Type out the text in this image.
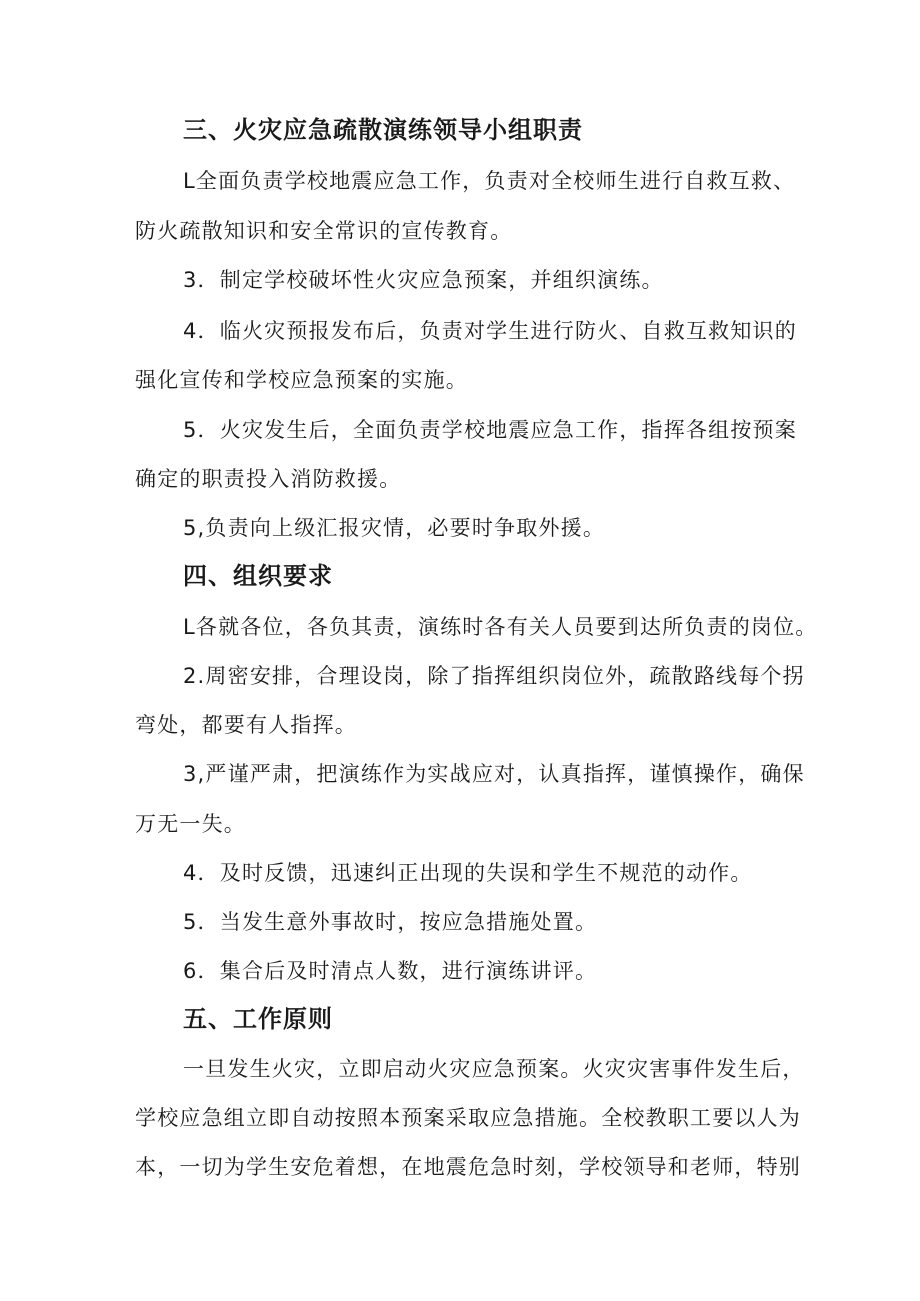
三、火灾应急疏散演练领导小组职责

L全面负责学校地震应急工作，负责对全校师生进行自救互救、

防火疏散知识和安全常识的宣传教育。

3．制定学校破坏性火灾应急预案，并组织演练。

4．临火灾预报发布后，负责对学生进行防火、自救互救知识的

强化宣传和学校应急预案的实施。

5．火灾发生后，全面负责学校地震应急工作，指挥各组按预案

确定的职责投入消防救援。

5,负责向上级汇报灾情，必要时争取外援。

四、组织要求

L各就各位，各负其责，演练时各有关人员要到达所负责的岗位。

2.周密安排，合理设岗，除了指挥组织岗位外，疏散路线每个拐

弯处，都要有人指挥。

3,严谨严肃，把演练作为实战应对，认真指挥，谨慎操作，确保

万无一失。

4．及时反馈，迅速纠正出现的失误和学生不规范的动作。

5．当发生意外事故时，按应急措施处置。

6．集合后及时清点人数，进行演练讲评。

五、工作原则

一旦发生火灾，立即启动火灾应急预案。火灾灾害事件发生后，

学校应急组立即自动按照本预案采取应急措施。全校教职工要以人为

本，一切为学生安危着想，在地震危急时刻，学校领导和老师，特别
